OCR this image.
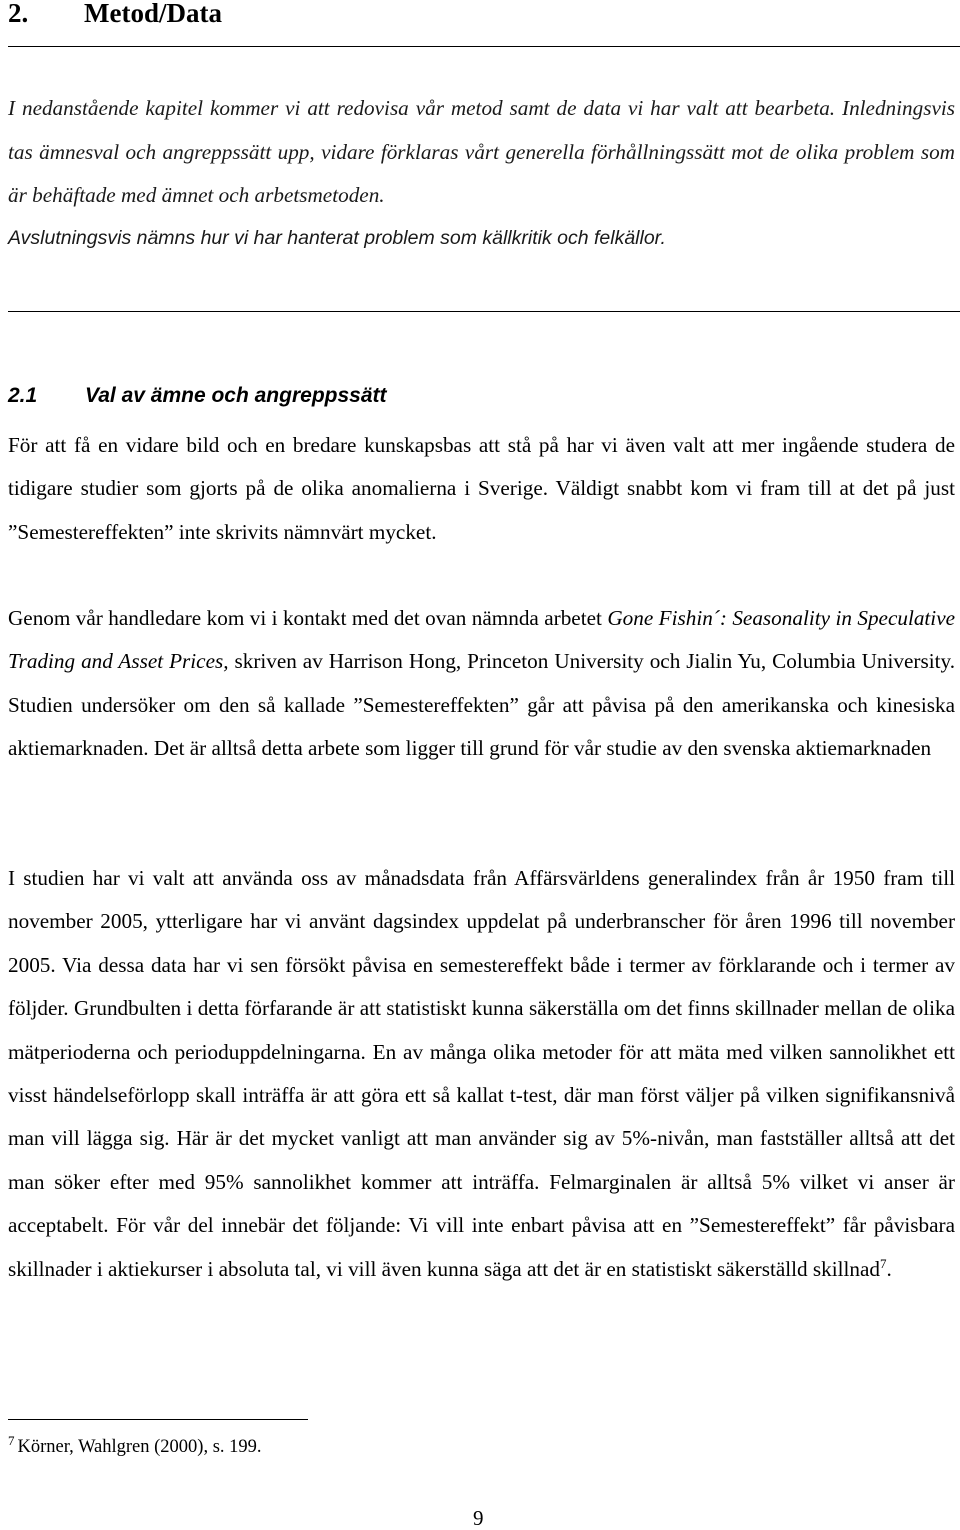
2. Metod/Data
I nedanstående kapitel kommer vi att redovisa vår metod samt de data vi har valt att bearbeta. Inledningsvis tas ämnesval och angreppssätt upp, vidare förklaras vårt generella förhållningssätt mot de olika problem som är behäftade med ämnet och arbetsmetoden.
Avslutningsvis nämns hur vi har hanterat problem som källkritik och felkällor.
2.1 Val av ämne och angreppssätt
För att få en vidare bild och en bredare kunskapsbas att stå på har vi även valt att mer ingående studera de tidigare studier som gjorts på de olika anomalierna i Sverige. Väldigt snabbt kom vi fram till at det på just ”Semestereffekten” inte skrivits nämnvärt mycket.
Genom vår handledare kom vi i kontakt med det ovan nämnda arbetet Gone Fishin´: Seasonality in Speculative Trading and Asset Prices, skriven av Harrison Hong, Princeton University och Jialin Yu, Columbia University. Studien undersöker om den så kallade ”Semestereffekten” går att påvisa på den amerikanska och kinesiska aktiemarknaden. Det är alltså detta arbete som ligger till grund för vår studie av den svenska aktiemarknaden
I studien har vi valt att använda oss av månadsdata från Affärsvärldens generalindex från år 1950 fram till november 2005, ytterligare har vi använt dagsindex uppdelat på underbranscher för åren 1996 till november 2005. Via dessa data har vi sen försökt påvisa en semestereffekt både i termer av förklarande och i termer av följder. Grundbulten i detta förfarande är att statistiskt kunna säkerställa om det finns skillnader mellan de olika mätperioderna och perioduppdelningarna. En av många olika metoder för att mäta med vilken sannolikhet ett visst händelseförlopp skall inträffa är att göra ett så kallat t-test, där man först väljer på vilken signifikansnivå man vill lägga sig. Här är det mycket vanligt att man använder sig av 5%-nivån, man fastställer alltså att det man söker efter med 95% sannolikhet kommer att inträffa. Felmarginalen är alltså 5% vilket vi anser är acceptabelt. För vår del innebär det följande: Vi vill inte enbart påvisa att en ”Semestereffekt” får påvisbara skillnader i aktiekurser i absoluta tal, vi vill även kunna säga att det är en statistiskt säkerställd skillnad$^7$.
$^7$ Körner, Wahlgren (2000), s. 199.
9
